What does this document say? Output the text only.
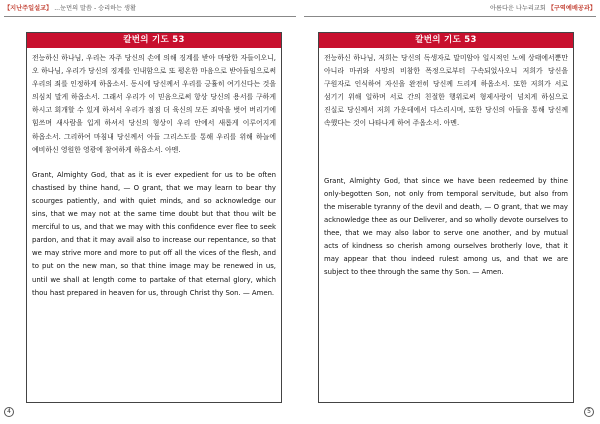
【지난주일설교】 ...눈먼의 말씀 - 승리하는 생활
칼번의 기도 53

전능하신 하나님, 우리는 자주 당신의 손에 의해 징계를 받아 마땅한 자들이오니, 오 하나님, 우리가 당신의 징계를 인내함으로 또 평온한 마음으로 받아들임으로써 우리의 죄를 인정하게 하옵소서. 동시에 당신께서 우리를 긍휼히 여기신다는 것을 의심치 말게 하옵소서. 그래서 우리가 이 믿음으로써 항상 당신의 용서를 구하게 하시고 회개할 수 있게 하셔서 우리가 점점 더 육신의 모든 죄악을 벗어 버리기에 힘쓰며 새사람을 입게 하셔서 당신의 형상이 우리 안에서 새롭게 이루어지게 하옵소서. 그리하여 마침내 당신께서 아들 그리스도를 통해 우리를 위해 하늘에 예비하신 영원한 영광에 참여하게 하옵소서. 아멘.

Grant, Almighty God, that as it is ever expedient for us to be often chastised by thine hand, — O grant, that we may learn to bear thy scourges patiently, and with quiet minds, and so acknowledge our sins, that we may not at the same time doubt but that thou wilt be merciful to us, and that we may with this confidence ever flee to seek pardon, and that it may avail also to increase our repentance, so that we may strive more and more to put off all the vices of the flesh, and to put on the new man, so that thine image may be renewed in us, until we shall at length come to partake of that eternal glory, which thou hast prepared in heaven for us, through Christ thy Son. — Amen.

4
아름다운 나누리교회 【구역예배공과】
칼번의 기도 53

전능하신 하나님, 저희는 당신의 독생자로 말미암아 일시적인 노예 상태에서뿐만 아니라 마귀와 사망의 비참한 폭정으로부터 구속되었사오니 저희가 당신을 구원자로 인식하여 자신을 완전히 당신께 드리게 하옵소서. 또한 저희가 서로 섬기기 위해 일하며 서로 간의 친절한 행위로써 형제사랑이 넘치게 하심으로 진실로 당신께서 저희 가운데에서 다스리시며, 또한 당신의 아들을 통해 당신께 속했다는 것이 나타나게 하여 주옵소서. 아멘.

Grant, Almighty God, that since we have been redeemed by thine only-begotten Son, not only from temporal servitude, but also from the miserable tyranny of the devil and death, — O grant, that we may acknowledge thee as our Deliverer, and so wholly devote ourselves to thee, that we may also labor to serve one another, and by mutual acts of kindness so cherish among ourselves brotherly love, that it may appear that thou indeed rulest among us, and that we are subject to thee through the same thy Son. — Amen.

5
